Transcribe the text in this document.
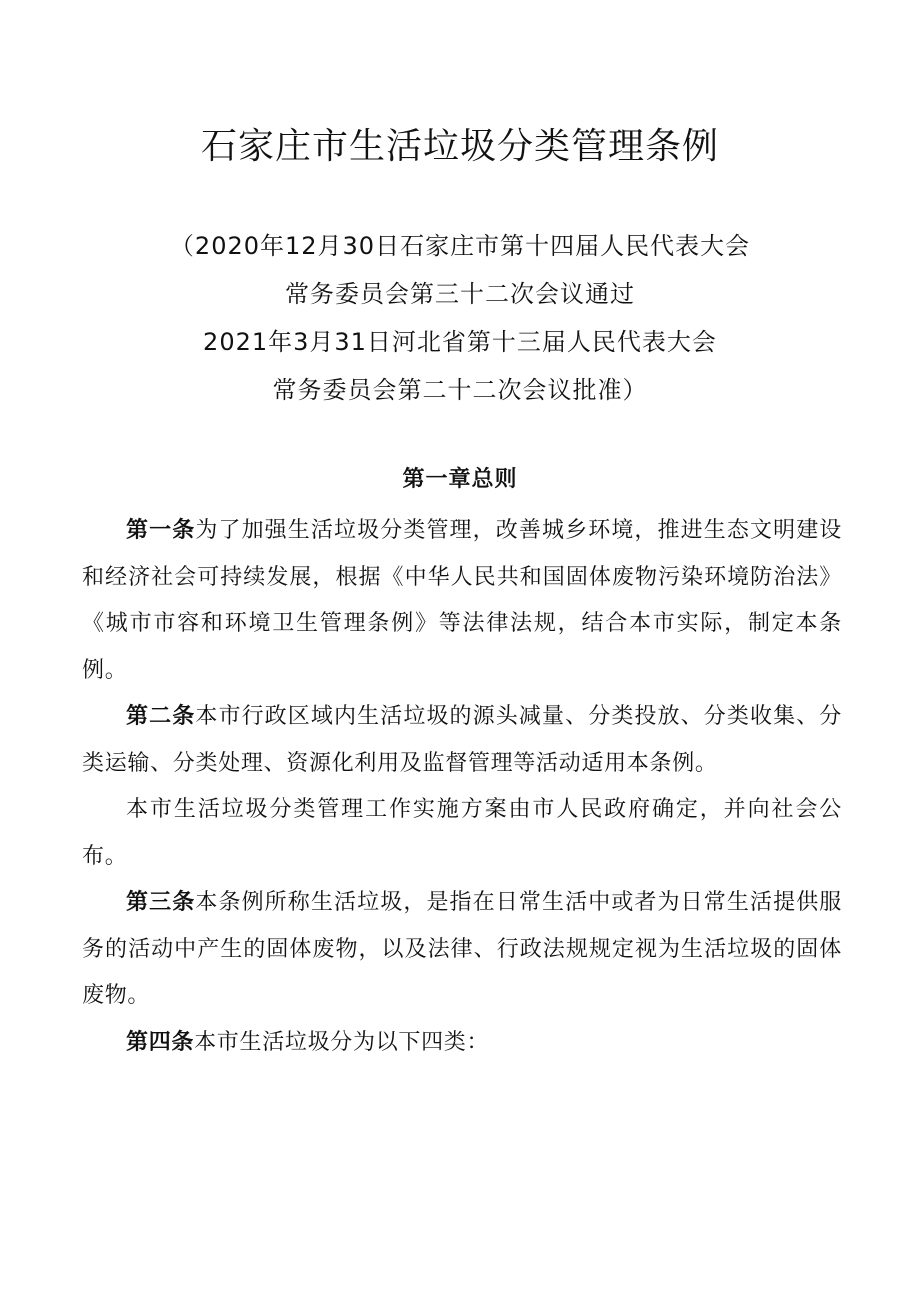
石家庄市生活垃圾分类管理条例
（2020年12月30日石家庄市第十四届人民代表大会
常务委员会第三十二次会议通过
2021年3月31日河北省第十三届人民代表大会
常务委员会第二十二次会议批准）
第一章总则

第一条为了加强生活垃圾分类管理，改善城乡环境，推进生态文明建设和经济社会可持续发展，根据《中华人民共和国固体废物污染环境防治法》《城市市容和环境卫生管理条例》等法律法规，结合本市实际，制定本条例。

第二条本市行政区域内生活垃圾的源头减量、分类投放、分类收集、分类运输、分类处理、资源化利用及监督管理等活动适用本条例。

本市生活垃圾分类管理工作实施方案由市人民政府确定，并向社会公布。

第三条本条例所称生活垃圾，是指在日常生活中或者为日常生活提供服务的活动中产生的固体废物，以及法律、行政法规规定视为生活垃圾的固体废物。

第四条本市生活垃圾分为以下四类：
